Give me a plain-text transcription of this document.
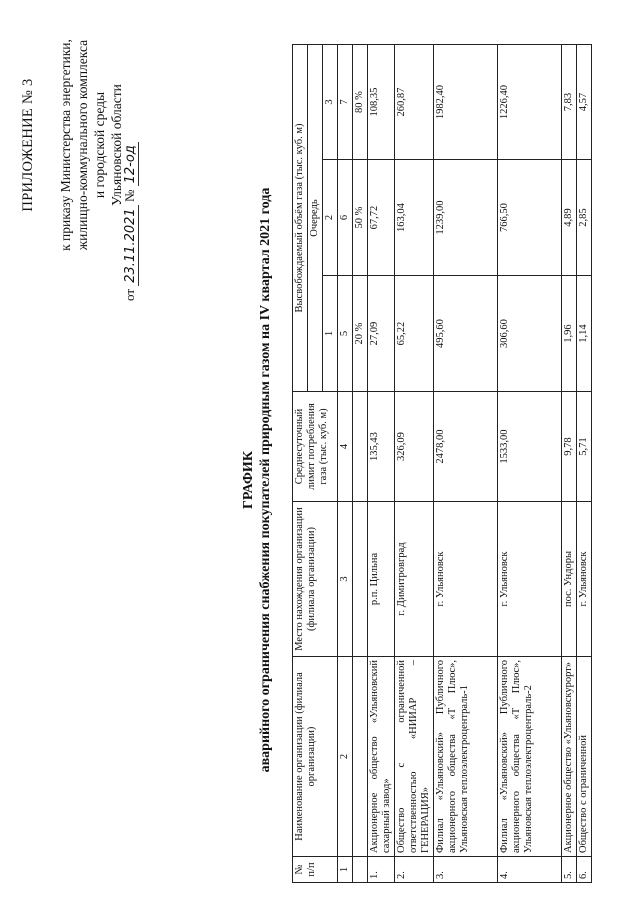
ПРИЛОЖЕНИЕ № 3 к приказу Министерства энергетики, жилищно-коммунального комплекса и городской среды Ульяновской области
от 23.11.2021 № 12-од
ГРАФИК аварийного ограничения снабжения покупателей природным газом на IV квартал 2021 года
№ п/п	Наименование организации (филиала организации)	Место нахождения организации (филиала организации)	Среднесуточный лимит потребления газа (тыс. куб. м)	Высвобождаемый объём газа (тыс. куб. м)		
				Очередь		
				1	2	3
1	2	3	4	5	6	7
				20 %	50 %	80 %
1.	Акционерное общество «Ульяновский сахарный завод»	р.п. Цильна	135,43	27,09	67,72	108,35
2.	Общество с ограниченной ответственностью «НИИАР – ГЕНЕРАЦИЯ»	г. Димитровград	326,09	65,22	163,04	260,87
3.	Филиал «Ульяновский» Публичного акционерного общества «Т Плюс», Ульяновская теплоэлектроцентраль-1	г. Ульяновск	2478,00	495,60	1239,00	1982,40
4.	Филиал «Ульяновский» Публичного акционерного общества «Т Плюс», Ульяновская теплоэлектроцентраль-2	г. Ульяновск	1533,00	306,60	766,50	1226,40
5.	Акционерное общество «Ульяновскурорт»	пос. Ундоры	9,78	1,96	4,89	7,83
6.	Общество с ограниченной	г. Ульяновск	5,71	1,14	2,85	4,57
